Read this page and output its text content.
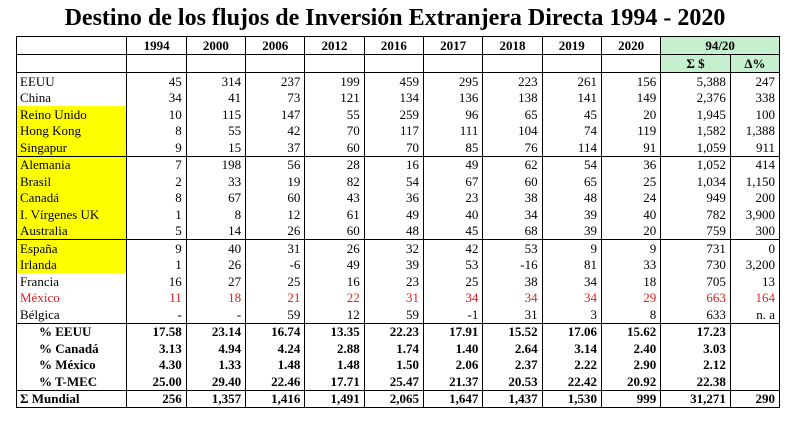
Destino de los flujos de Inversión Extranjera Directa 1994 - 2020
	1994	2000	2006	2012	2016	2017	2018	2019	2020	94/20	
										Σ $	Δ%
EEUU	45	314	237	199	459	295	223	261	156	5,388	247
China	34	41	73	121	134	136	138	141	149	2,376	338
Reino Unido	10	115	147	55	259	96	65	45	20	1,945	100
Hong Kong	8	55	42	70	117	111	104	74	119	1,582	1,388
Singapur	9	15	37	60	70	85	76	114	91	1,059	911
Alemania	7	198	56	28	16	49	62	54	36	1,052	414
Brasil	2	33	19	82	54	67	60	65	25	1,034	1,150
Canadá	8	67	60	43	36	23	38	48	24	949	200
I. Vírgenes UK	1	8	12	61	49	40	34	39	40	782	3,900
Australia	5	14	26	60	48	45	68	39	20	759	300
España	9	40	31	26	32	42	53	9	9	731	0
Irlanda	1	26	-6	49	39	53	-16	81	33	730	3,200
Francia	16	27	25	16	23	25	38	34	18	705	13
México	11	18	21	22	31	34	34	34	29	663	164
Bélgica	-	-	59	12	59	-1	31	3	8	633	n. a
% EEUU	17.58	23.14	16.74	13.35	22.23	17.91	15.52	17.06	15.62	17.23	
% Canadá	3.13	4.94	4.24	2.88	1.74	1.40	2.64	3.14	2.40	3.03	
% México	4.30	1.33	1.48	1.48	1.50	2.06	2.37	2.22	2.90	2.12	
% T-MEC	25.00	29.40	22.46	17.71	25.47	21.37	20.53	22.42	20.92	22.38	
Σ Mundial	256	1,357	1,416	1,491	2,065	1,647	1,437	1,530	999	31,271	290
